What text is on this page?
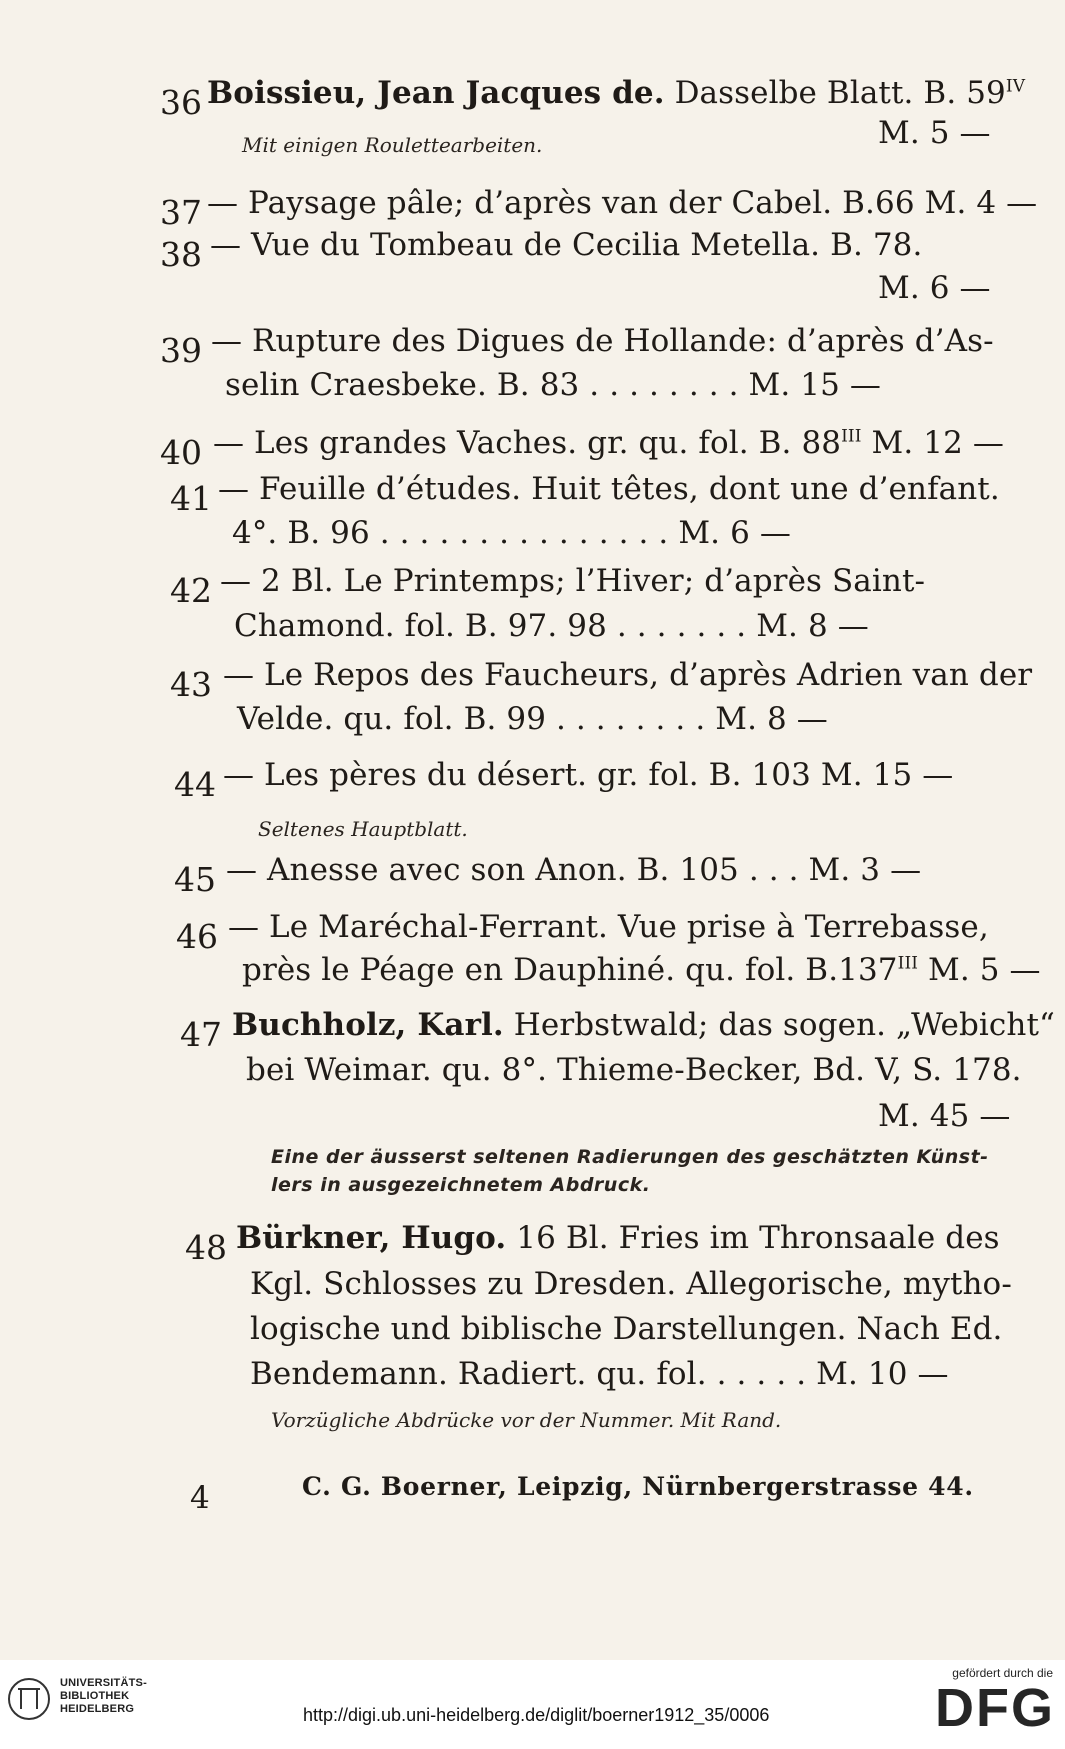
36 Boissieu, Jean Jacques de. Dasselbe Blatt. B. $59^{IV}$
M. 5 —
Mit einigen Roulettearbeiten.
37 — Paysage pâle; d’après van der Cabel. B.66 M. 4 —
38 — Vue du Tombeau de Cecilia Metella. B. 78.
M. 6 —
39 — Rupture des Digues de Hollande: d’après d’As-
selin Craesbeke. B. 83 . . . . . . . . M. 15 —
40 — Les grandes Vaches. gr. qu. fol. B. $88^{III}$ M. 12 —
41 — Feuille d’études. Huit têtes, dont une d’enfant.
4°. B. 96 . . . . . . . . . . . . . . . M. 6 —
42 — 2 Bl. Le Printemps; l’Hiver; d’après Saint-
Chamond. fol. B. 97. 98 . . . . . . . M. 8 —
43 — Le Repos des Faucheurs, d’après Adrien van der
Velde. qu. fol. B. 99 . . . . . . . . M. 8 —
44 — Les pères du désert. gr. fol. B. 103 M. 15 —
Seltenes Hauptblatt.
45 — Anesse avec son Anon. B. 105 . . . M. 3 —
46 — Le Maréchal-Ferrant. Vue prise à Terrebasse,
près le Péage en Dauphiné. qu. fol. $B.137^{III}$ M. 5 —
47 Buchholz, Karl. Herbstwald; das sogen. „Webicht“
bei Weimar. qu. 8°. Thieme-Becker, Bd. V, S. 178.
M. 45 —
Eine der äusserst seltenen Radierungen des geschätzten Künst-
lers in ausgezeichnetem Abdruck.
48 Bürkner, Hugo. 16 Bl. Fries im Thronsaale des
Kgl. Schlosses zu Dresden. Allegorische, mytho-
logische und biblische Darstellungen. Nach Ed.
Bendemann. Radiert. qu. fol. . . . . . M. 10 —
Vorzügliche Abdrücke vor der Nummer. Mit Rand.
4	C. G. Boerner, Leipzig, Nürnbergerstrasse 44.
UNIVERSITÄTS-
BIBLIOTHEK
HEIDELBERG	http://digi.ub.uni-heidelberg.de/diglit/boerner1912_35/0006
gefördert durch die
DFG
